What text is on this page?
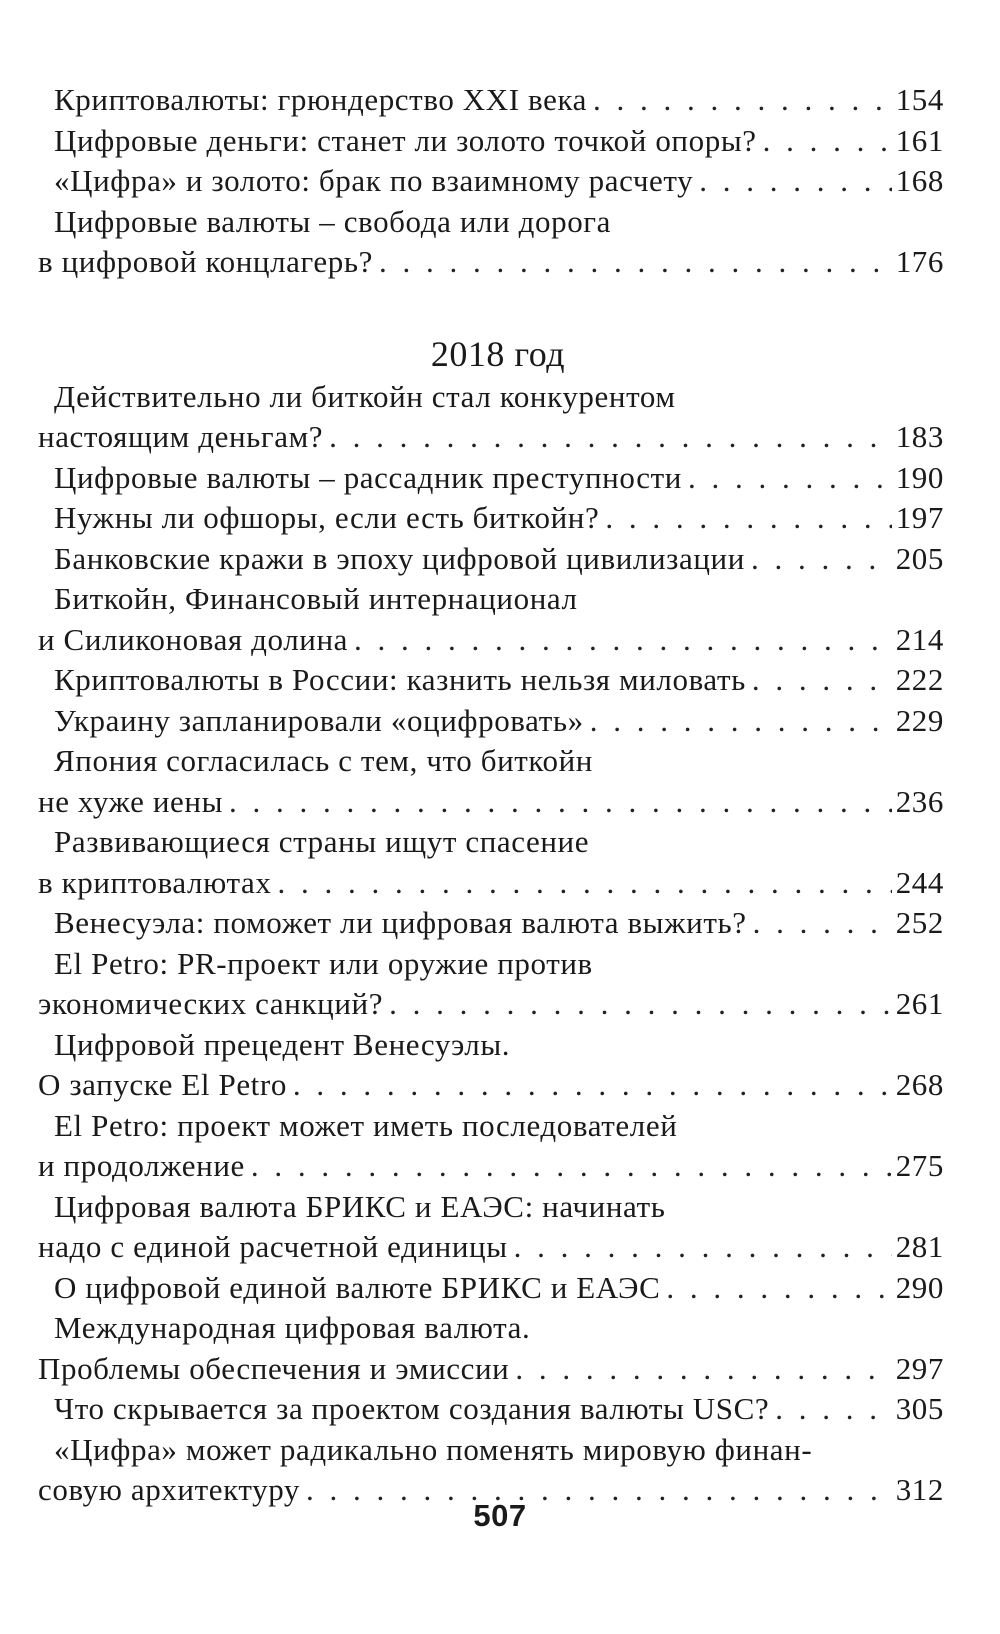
Криптовалюты: грюндерство XXI века . . .	154
Цифровые деньги: станет ли золото точкой опоры? . . .	161
«Цифра» и золото: брак по взаимному расчету . . .	168
Цифровые валюты – свобода или дорога
в цифровой концлагерь? . . .	176
2018 год
Действительно ли биткойн стал конкурентом
настоящим деньгам? . . .	183
Цифровые валюты – рассадник преступности . . .	190
Нужны ли офшоры, если есть биткойн? . . .	197
Банковские кражи в эпоху цифровой цивилизации . . .	205
Биткойн, Финансовый интернационал
и Силиконовая долина . . .	214
Криптовалюты в России: казнить нельзя миловать . . .	222
Украину запланировали «оцифровать» . . .	229
Япония согласилась с тем, что биткойн
не хуже иены . . .	236
Развивающиеся страны ищут спасение
в криптовалютах . . .	244
Венесуэла: поможет ли цифровая валюта выжить? . . .	252
El Petro: PR-проект или оружие против
экономических санкций? . . .	261
Цифровой прецедент Венесуэлы.
О запуске El Petro . . .	268
El Petro: проект может иметь последователей
и продолжение . . .	275
Цифровая валюта БРИКС и ЕАЭС: начинать
надо с единой расчетной единицы . . .	281
О цифровой единой валюте БРИКС и ЕАЭС . . .	290
Международная цифровая валюта.
Проблемы обеспечения и эмиссии . . .	297
Что скрывается за проектом создания валюты USC? . . .	305
«Цифра» может радикально поменять мировую финан-
совую архитектуру . . .	312
507
